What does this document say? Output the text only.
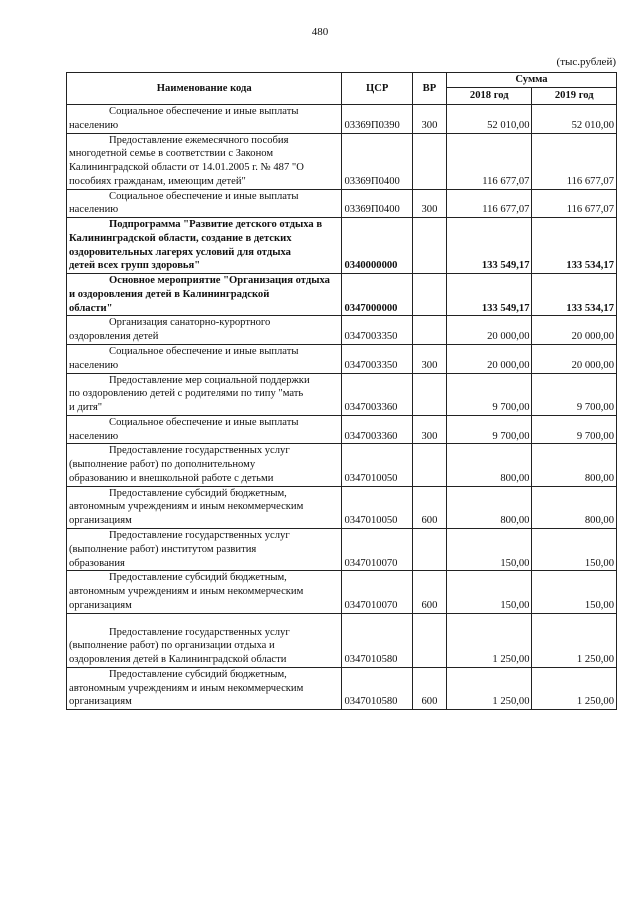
480
(тыс.рублей)
Наименование кода	ЦСР	ВР	Сумма	
			2018 год	2019 год

Социальное обеспечение и иные выплаты
населению	03369П0390	300	52 010,00	52 010,00

Предоставление ежемесячного пособия
многодетной семье в соответствии с Законом
Калининградской области от 14.01.2005 г. № 487 "О
пособиях гражданам, имеющим детей"	03369П0400		116 677,07	116 677,07

Социальное обеспечение и иные выплаты
населению	03369П0400	300	116 677,07	116 677,07

Подпрограмма "Развитие детского отдыха в
Калининградской области, создание в детских
оздоровительных лагерях условий для отдыха
детей всех групп здоровья"	0340000000		133 549,17	133 534,17

Основное мероприятие "Организация отдыха
и оздоровления детей в Калининградской
области"	0347000000		133 549,17	133 534,17

Организация санаторно-курортного
оздоровления детей	0347003350		20 000,00	20 000,00

Социальное обеспечение и иные выплаты
населению	0347003350	300	20 000,00	20 000,00

Предоставление мер социальной поддержки
по оздоровлению детей с родителями по типу "мать
и дитя"	0347003360		9 700,00	9 700,00

Социальное обеспечение и иные выплаты
населению	0347003360	300	9 700,00	9 700,00

Предоставление государственных услуг
(выполнение работ) по дополнительному
образованию и внешкольной работе с детьми	0347010050		800,00	800,00

Предоставление субсидий бюджетным,
автономным учреждениям и иным некоммерческим
организациям	0347010050	600	800,00	800,00

Предоставление государственных услуг
(выполнение работ) институтом развития
образования	0347010070		150,00	150,00

Предоставление субсидий бюджетным,
автономным учреждениям и иным некоммерческим
организациям	0347010070	600	150,00	150,00

Предоставление государственных услуг
(выполнение работ) по организации отдыха и
оздоровления детей в Калининградской области	0347010580		1 250,00	1 250,00

Предоставление субсидий бюджетным,
автономным учреждениям и иным некоммерческим
организациям	0347010580	600	1 250,00	1 250,00
